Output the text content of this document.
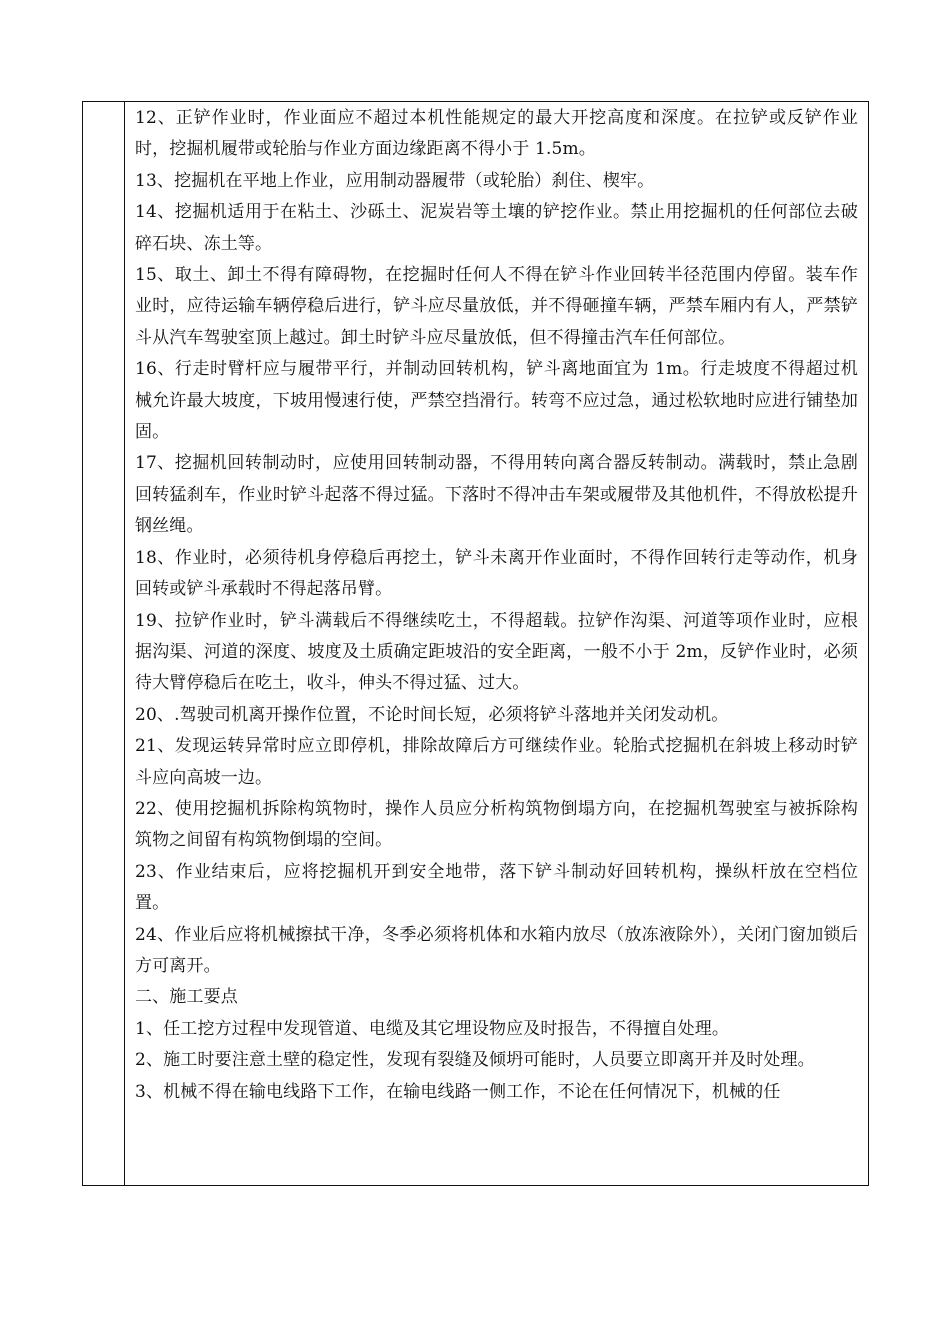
12、正铲作业时，作业面应不超过本机性能规定的最大开挖高度和深度。在拉铲或反铲作业时，挖掘机履带或轮胎与作业方面边缘距离不得小于 1.5m。

13、挖掘机在平地上作业，应用制动器履带（或轮胎）刹住、楔牢。

14、挖掘机适用于在粘土、沙砾土、泥炭岩等土壤的铲挖作业。禁止用挖掘机的任何部位去破碎石块、冻土等。

15、取土、卸土不得有障碍物，在挖掘时任何人不得在铲斗作业回转半径范围内停留。装车作业时，应待运输车辆停稳后进行，铲斗应尽量放低，并不得砸撞车辆，严禁车厢内有人，严禁铲斗从汽车驾驶室顶上越过。卸土时铲斗应尽量放低，但不得撞击汽车任何部位。

16、行走时臂杆应与履带平行，并制动回转机构，铲斗离地面宜为 1m。行走坡度不得超过机械允许最大坡度，下坡用慢速行使，严禁空挡滑行。转弯不应过急，通过松软地时应进行铺垫加固。

17、挖掘机回转制动时，应使用回转制动器，不得用转向离合器反转制动。满载时，禁止急剧回转猛刹车，作业时铲斗起落不得过猛。下落时不得冲击车架或履带及其他机件，不得放松提升钢丝绳。

18、作业时，必须待机身停稳后再挖土，铲斗未离开作业面时，不得作回转行走等动作，机身回转或铲斗承载时不得起落吊臂。

19、拉铲作业时，铲斗满载后不得继续吃土，不得超载。拉铲作沟渠、河道等项作业时，应根据沟渠、河道的深度、坡度及土质确定距坡沿的安全距离，一般不小于 2m，反铲作业时，必须待大臂停稳后在吃土，收斗，伸头不得过猛、过大。

20、.驾驶司机离开操作位置，不论时间长短，必须将铲斗落地并关闭发动机。

21、发现运转异常时应立即停机，排除故障后方可继续作业。轮胎式挖掘机在斜坡上移动时铲斗应向高坡一边。

22、使用挖掘机拆除构筑物时，操作人员应分析构筑物倒塌方向，在挖掘机驾驶室与被拆除构筑物之间留有构筑物倒塌的空间。

23、作业结束后，应将挖掘机开到安全地带，落下铲斗制动好回转机构，操纵杆放在空档位置。

24、作业后应将机械擦拭干净，冬季必须将机体和水箱内放尽（放冻液除外），关闭门窗加锁后方可离开。

二、施工要点

1、任工挖方过程中发现管道、电缆及其它埋设物应及时报告，不得擅自处理。

2、施工时要注意土壁的稳定性，发现有裂缝及倾坍可能时，人员要立即离开并及时处理。

3、机械不得在输电线路下工作，在输电线路一侧工作，不论在任何情况下，机械的任
